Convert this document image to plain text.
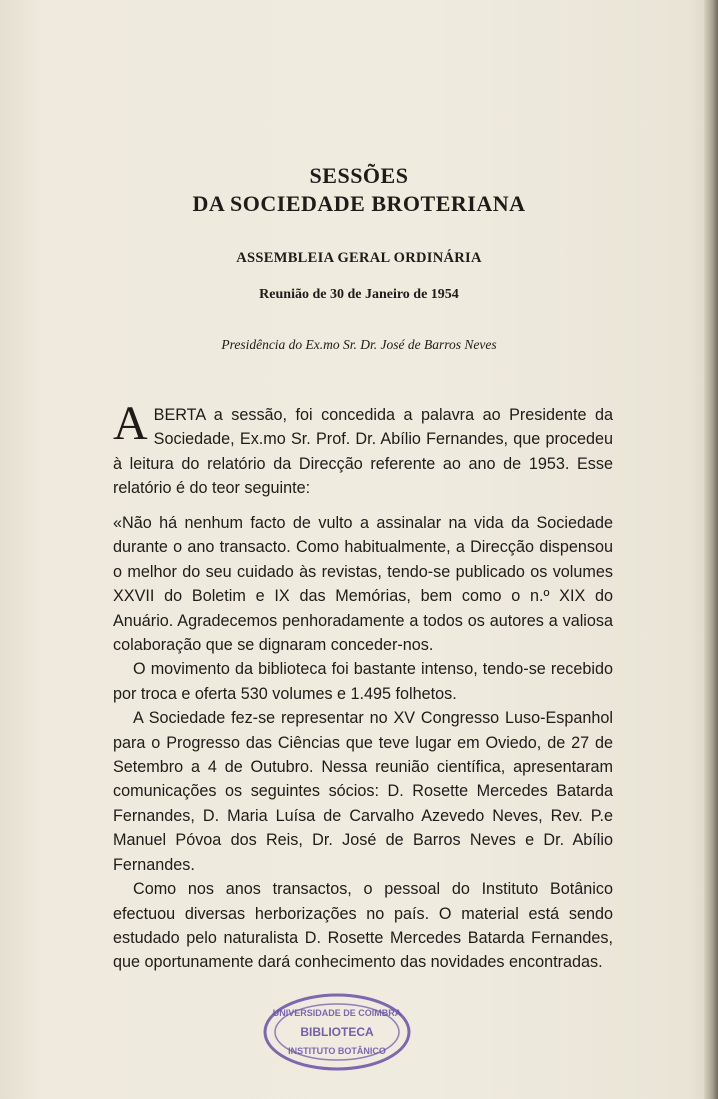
SESSÕES
DA SOCIEDADE BROTERIANA
ASSEMBLEIA GERAL ORDINÁRIA
Reunião de 30 de Janeiro de 1954
Presidência do Ex.mo Sr. Dr. José de Barros Neves
A BERTA a sessão, foi concedida a palavra ao Presidente da Sociedade, Ex.mo Sr. Prof. Dr. Abílio Fernandes, que procedeu à leitura do relatório da Direcção referente ao ano de 1953. Esse relatório é do teor seguinte:

«Não há nenhum facto de vulto a assinalar na vida da Sociedade durante o ano transacto. Como habitualmente, a Direcção dispensou o melhor do seu cuidado às revistas, tendo-se publicado os volumes XXVII do Boletim e IX das Memórias, bem como o n.º XIX do Anuário. Agradecemos penhoradamente a todos os autores a valiosa colaboração que se dignaram conceder-nos.

O movimento da biblioteca foi bastante intenso, tendo-se recebido por troca e oferta 530 volumes e 1.495 folhetos.

A Sociedade fez-se representar no XV Congresso Luso-Espanhol para o Progresso das Ciências que teve lugar em Oviedo, de 27 de Setembro a 4 de Outubro. Nessa reunião científica, apresentaram comunicações os seguintes sócios: D. Rosette Mercedes Batarda Fernandes, D. Maria Luísa de Carvalho Azevedo Neves, Rev. P.e Manuel Póvoa dos Reis, Dr. José de Barros Neves e Dr. Abílio Fernandes.

Como nos anos transactos, o pessoal do Instituto Botânico efectuou diversas herborizações no país. O material está sendo estudado pelo naturalista D. Rosette Mercedes Batarda Fernandes, que oportunamente dará conhecimento das novidades encontradas.

UNIVERSIDADE DE COIMBRA
BIBLIOTECA
INSTITUTO BOTÂNICO
